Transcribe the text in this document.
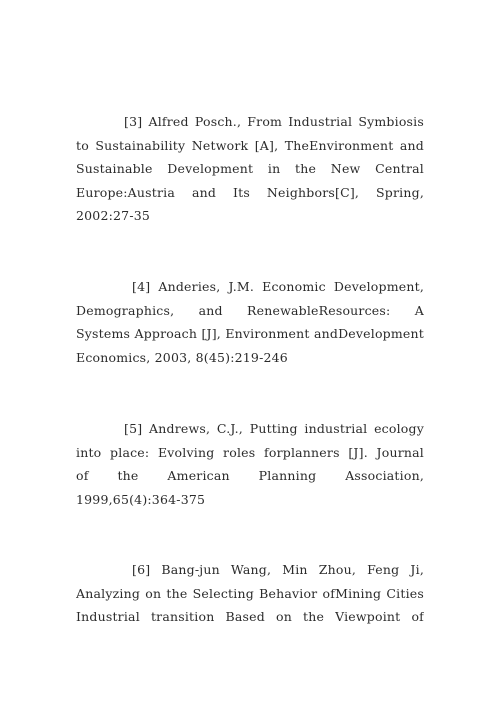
[3] Alfred Posch., From Industrial Symbiosis
to Sustainability Network [A], TheEnvironment and
Sustainable Development in the New Central
Europe:Austria and Its Neighbors[C], Spring,
2002:27-35
[4] Anderies, J.M. Economic Development,
Demographics, and RenewableResources: A
Systems Approach [J], Environment andDevelopment
Economics, 2003, 8(45):219-246
[5] Andrews, C.J., Putting industrial ecology
into place: Evolving roles forplanners [J]. Journal
of the American Planning Association,
1999,65(4):364-375
[6] Bang-jun Wang, Min Zhou, Feng Ji,
Analyzing on the Selecting Behavior ofMining Cities
Industrial transition Based on the Viewpoint of
